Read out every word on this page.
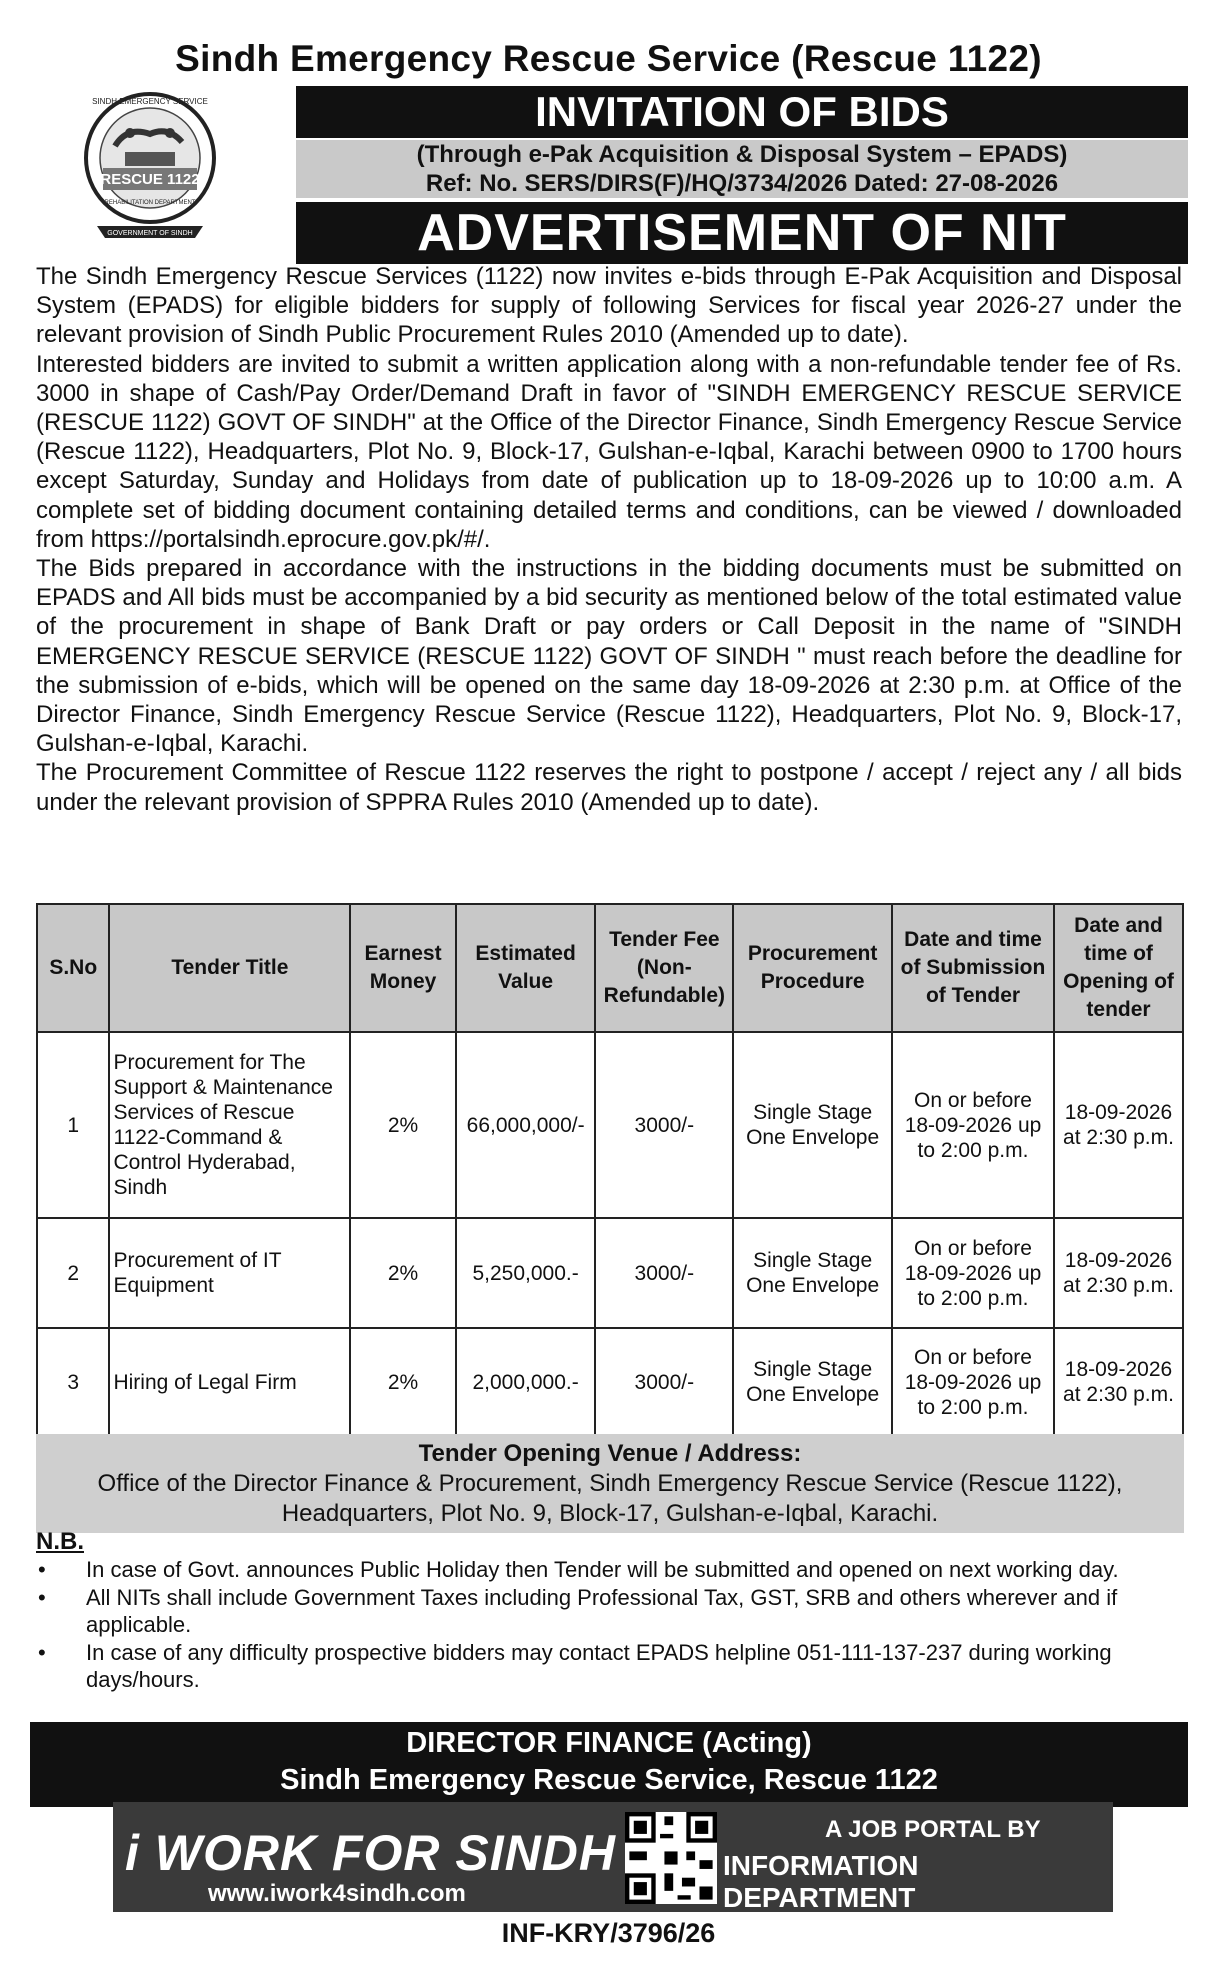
Sindh Emergency Rescue Service (Rescue 1122)
RESCUE 1122
SINDH EMERGENCY SERVICE
REHABILITATION DEPARTMENT
GOVERNMENT OF SINDH
INVITATION OF BIDS
(Through e-Pak Acquisition & Disposal System – EPADS)
Ref: No. SERS/DIRS(F)/HQ/3734/2026 Dated: 27-08-2026
ADVERTISEMENT OF NIT

The Sindh Emergency Rescue Services (1122) now invites e-bids through E-Pak Acquisition and Disposal System (EPADS) for eligible bidders for supply of following Services for fiscal year 2026-27 under the relevant provision of Sindh Public Procurement Rules 2010 (Amended up to date).

Interested bidders are invited to submit a written application along with a non-refundable tender fee of Rs. 3000 in shape of Cash/Pay Order/Demand Draft in favor of "SINDH EMERGENCY RESCUE SERVICE (RESCUE 1122) GOVT OF SINDH" at the Office of the Director Finance, Sindh Emergency Rescue Service (Rescue 1122), Headquarters, Plot No. 9, Block-17, Gulshan-e-Iqbal, Karachi between 0900 to 1700 hours except Saturday, Sunday and Holidays from date of publication up to 18-09-2026 up to 10:00 a.m. A complete set of bidding document containing detailed terms and conditions, can be viewed / downloaded from https://portalsindh.eprocure.gov.pk/#/.

The Bids prepared in accordance with the instructions in the bidding documents must be submitted on EPADS and All bids must be accompanied by a bid security as mentioned below of the total estimated value of the procurement in shape of Bank Draft or pay orders or Call Deposit in the name of "SINDH EMERGENCY RESCUE SERVICE (RESCUE 1122) GOVT OF SINDH " must reach before the deadline for the submission of e-bids, which will be opened on the same day 18-09-2026 at 2:30 p.m. at Office of the Director Finance, Sindh Emergency Rescue Service (Rescue 1122), Headquarters, Plot No. 9, Block-17, Gulshan-e-Iqbal, Karachi.

The Procurement Committee of Rescue 1122 reserves the right to postpone / accept / reject any / all bids under the relevant provision of SPPRA Rules 2010 (Amended up to date).

S.No	Tender Title	Earnest Money	Estimated Value	Tender Fee (Non-Refundable)	Procurement Procedure	Date and time of Submission of Tender	Date and time of Opening of tender
1	Procurement for The Support & Maintenance Services of Rescue 1122-Command & Control Hyderabad, Sindh	2%	66,000,000/-	3000/-	Single Stage One Envelope	On or before 18-09-2026 up to 2:00 p.m.	18-09-2026 at 2:30 p.m.
2	Procurement of IT Equipment	2%	5,250,000.-	3000/-	Single Stage One Envelope	On or before 18-09-2026 up to 2:00 p.m.	18-09-2026 at 2:30 p.m.
3	Hiring of Legal Firm	2%	2,000,000.-	3000/-	Single Stage One Envelope	On or before 18-09-2026 up to 2:00 p.m.	18-09-2026 at 2:30 p.m.
Tender Opening Venue / Address:
Office of the Director Finance & Procurement, Sindh Emergency Rescue Service (Rescue 1122), Headquarters, Plot No. 9, Block-17, Gulshan-e-Iqbal, Karachi.
N.B.
• In case of Govt. announces Public Holiday then Tender will be submitted and opened on next working day.
• All NITs shall include Government Taxes including Professional Tax, GST, SRB and others wherever and if applicable.
• In case of any difficulty prospective bidders may contact EPADS helpline 051-111-137-237 during working days/hours.
DIRECTOR FINANCE (Acting)
Sindh Emergency Rescue Service, Rescue 1122
i WORK FOR SINDH
www.iwork4sindh.com
A JOB PORTAL BY
INFORMATION DEPARTMENT
INF-KRY/3796/26
